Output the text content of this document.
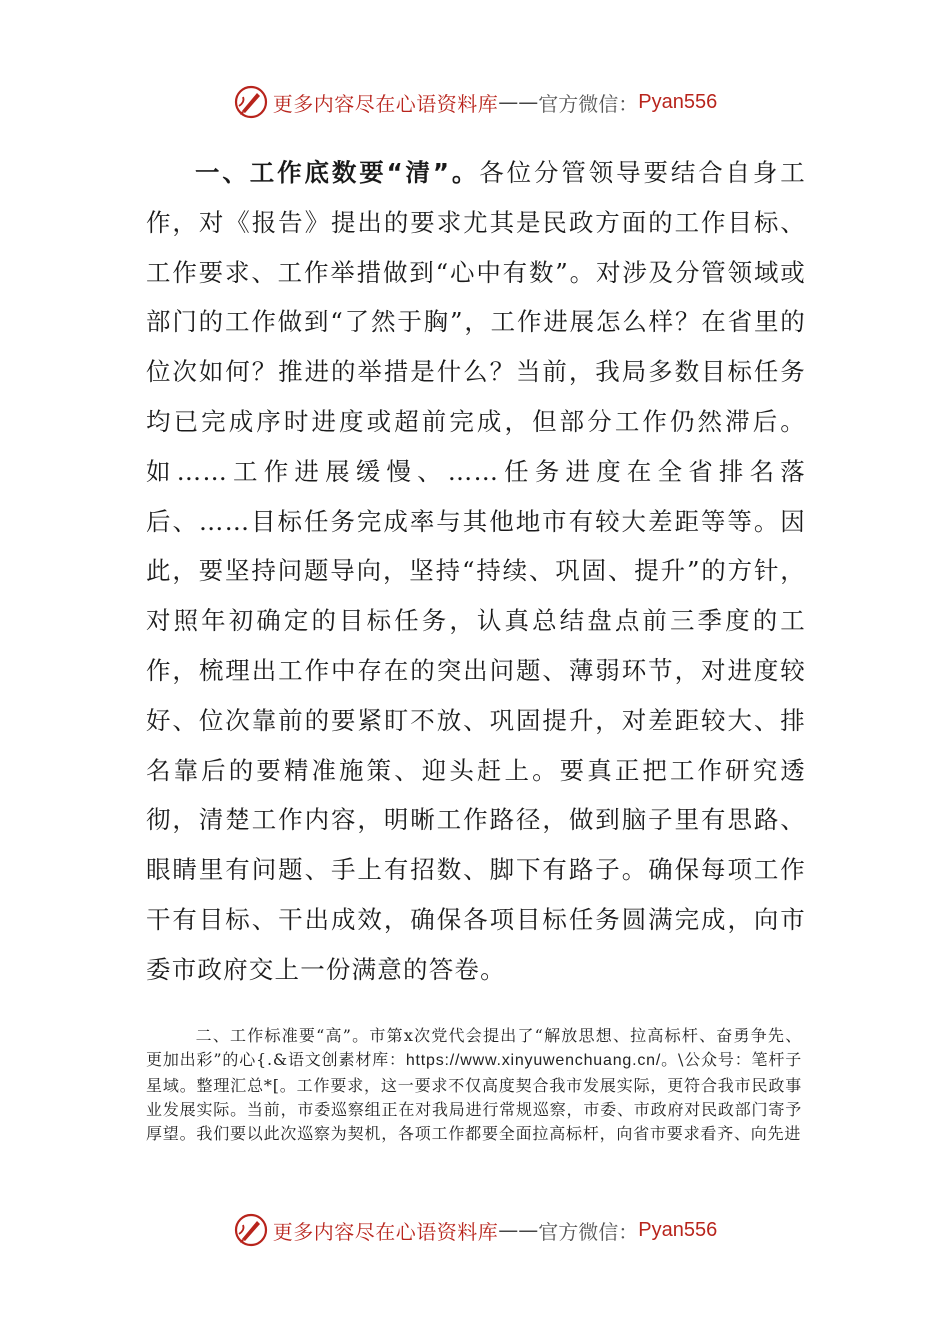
更多内容尽在心语资料库 —— 官方微信： Pyan556

一、工作底数要“清”。各位分管领导要结合自身工作，对《报告》提出的要求尤其是民政方面的工作目标、工作要求、工作举措做到“心中有数”。对涉及分管领域或部门的工作做到“了然于胸”，工作进展怎么样？在省里的位次如何？推进的举措是什么？当前，我局多数目标任务均已完成序时进度或超前完成，但部分工作仍然滞后。如……工作进展缓慢、……任务进度在全省排名落后、……目标任务完成率与其他地市有较大差距等等。因此，要坚持问题导向，坚持“持续、巩固、提升”的方针，对照年初确定的目标任务，认真总结盘点前三季度的工作，梳理出工作中存在的突出问题、薄弱环节，对进度较好、位次靠前的要紧盯不放、巩固提升，对差距较大、排名靠后的要精准施策、迎头赶上。要真正把工作研究透彻，清楚工作内容，明晰工作路径，做到脑子里有思路、眼睛里有问题、手上有招数、脚下有路子。确保每项工作干有目标、干出成效，确保各项目标任务圆满完成，向市委市政府交上一份满意的答卷。

二、工作标准要“高”。市第x次党代会提出了“解放思想、拉高标杆、奋勇争先、更加出彩”的心{.&语文创素材库：https://www.xinyuwenchuang.cn/。\公众号：笔杆子星域。整理汇总*[。工作要求，这一要求不仅高度契合我市发展实际，更符合我市民政事业发展实际。当前，市委巡察组正在对我局进行常规巡察，市委、市政府对民政部门寄予厚望。我们要以此次巡察为契机，各项工作都要全面拉高标杆，向省市要求看齐、向先进

更多内容尽在心语资料库 —— 官方微信： Pyan556
